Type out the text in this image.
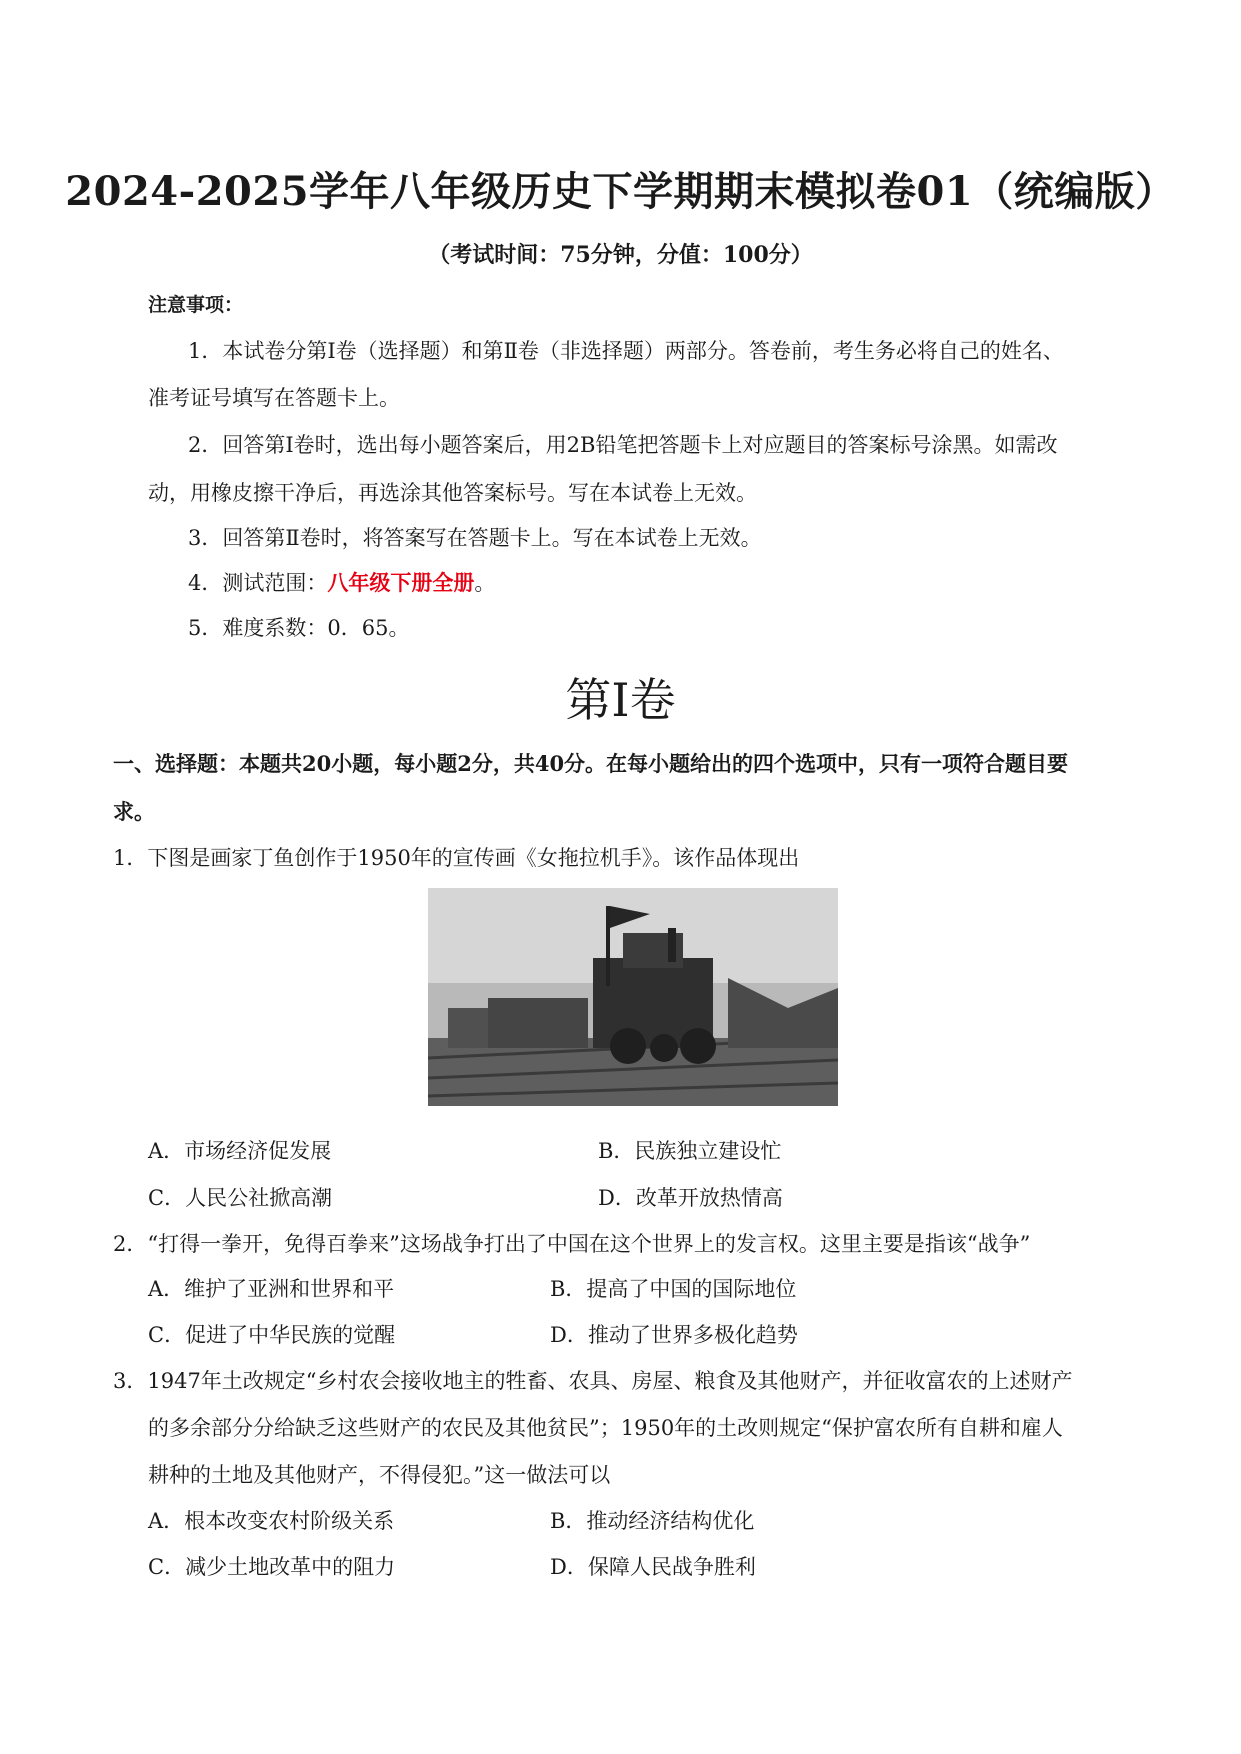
2024-2025学年八年级历史下学期期末模拟卷01（统编版）
（考试时间：75分钟，分值：100分）
注意事项：
1．本试卷分第Ⅰ卷（选择题）和第Ⅱ卷（非选择题）两部分。答卷前，考生务必将自己的姓名、
准考证号填写在答题卡上。
2．回答第Ⅰ卷时，选出每小题答案后，用2B铅笔把答题卡上对应题目的答案标号涂黑。如需改
动，用橡皮擦干净后，再选涂其他答案标号。写在本试卷上无效。
3．回答第Ⅱ卷时，将答案写在答题卡上。写在本试卷上无效。
4．测试范围：八年级下册全册。
5．难度系数：0．65。
第Ⅰ卷
一、选择题：本题共20小题，每小题2分，共40分。在每小题给出的四个选项中，只有一项符合题目要
求。
1．下图是画家丁鱼创作于1950年的宣传画《女拖拉机手》。该作品体现出
A．市场经济促发展	B．民族独立建设忙
C．人民公社掀高潮	D．改革开放热情高
2．“打得一拳开，免得百拳来”这场战争打出了中国在这个世界上的发言权。这里主要是指该“战争”
A．维护了亚洲和世界和平	B．提高了中国的国际地位
C．促进了中华民族的觉醒	D．推动了世界多极化趋势
3．1947年土改规定“乡村农会接收地主的牲畜、农具、房屋、粮食及其他财产，并征收富农的上述财产
的多余部分分给缺乏这些财产的农民及其他贫民”；1950年的土改则规定“保护富农所有自耕和雇人
耕种的土地及其他财产，不得侵犯。”这一做法可以
A．根本改变农村阶级关系	B．推动经济结构优化
C．减少土地改革中的阻力	D．保障人民战争胜利
